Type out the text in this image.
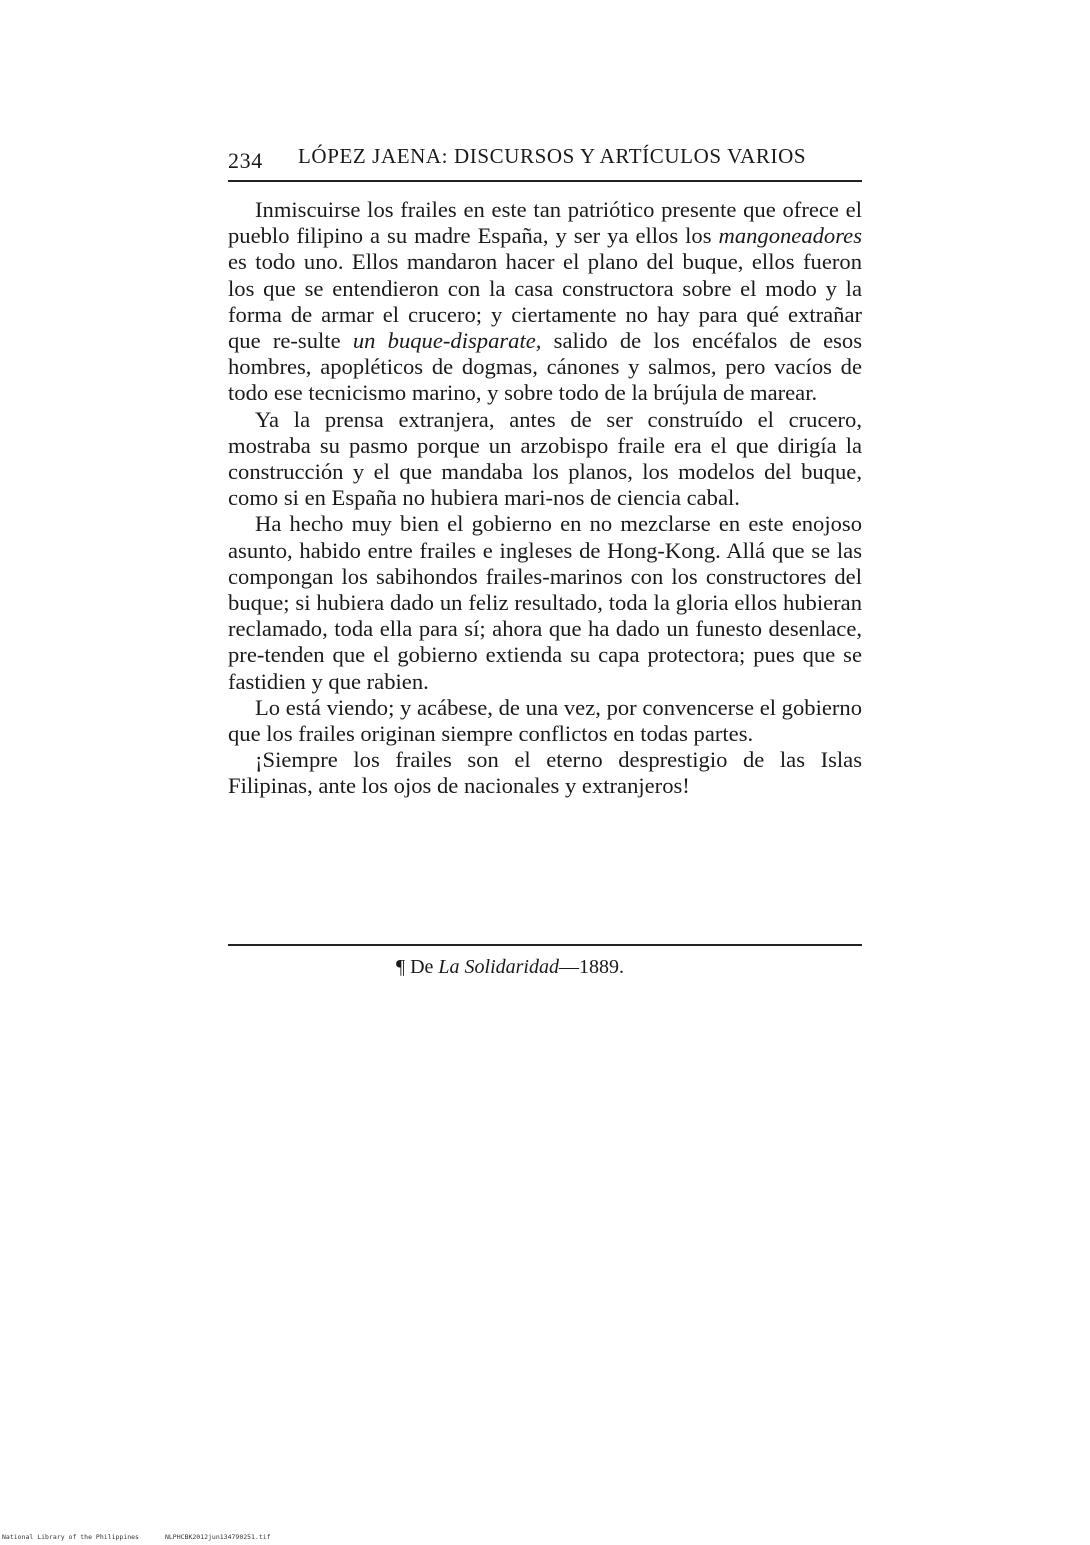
234 LÓPEZ JAENA: DISCURSOS Y ARTÍCULOS VARIOS

Inmiscuirse los frailes en este tan patriótico presente que ofrece el pueblo filipino a su madre España, y ser ya ellos los mangoneadores es todo uno. Ellos mandaron hacer el plano del buque, ellos fueron los que se entendieron con la casa constructora sobre el modo y la forma de armar el crucero; y ciertamente no hay para qué extrañar que re-sulte un buque-disparate, salido de los encéfalos de esos hombres, apopléticos de dogmas, cánones y salmos, pero vacíos de todo ese tecnicismo marino, y sobre todo de la brújula de marear.

Ya la prensa extranjera, antes de ser construído el crucero, mostraba su pasmo porque un arzobispo fraile era el que dirigía la construcción y el que mandaba los planos, los modelos del buque, como si en España no hubiera mari-nos de ciencia cabal.

Ha hecho muy bien el gobierno en no mezclarse en este enojoso asunto, habido entre frailes e ingleses de Hong-Kong. Allá que se las compongan los sabihondos frailes-marinos con los constructores del buque; si hubiera dado un feliz resultado, toda la gloria ellos hubieran reclamado, toda ella para sí; ahora que ha dado un funesto desenlace, pre-tenden que el gobierno extienda su capa protectora; pues que se fastidien y que rabien.

Lo está viendo; y acábese, de una vez, por convencerse el gobierno que los frailes originan siempre conflictos en todas partes.

¡Siempre los frailes son el eterno desprestigio de las Islas Filipinas, ante los ojos de nacionales y extranjeros!

¶ De La Solidaridad—1889.
National Library of the Philippines	NLPHCBK2012jun134790251.tif
